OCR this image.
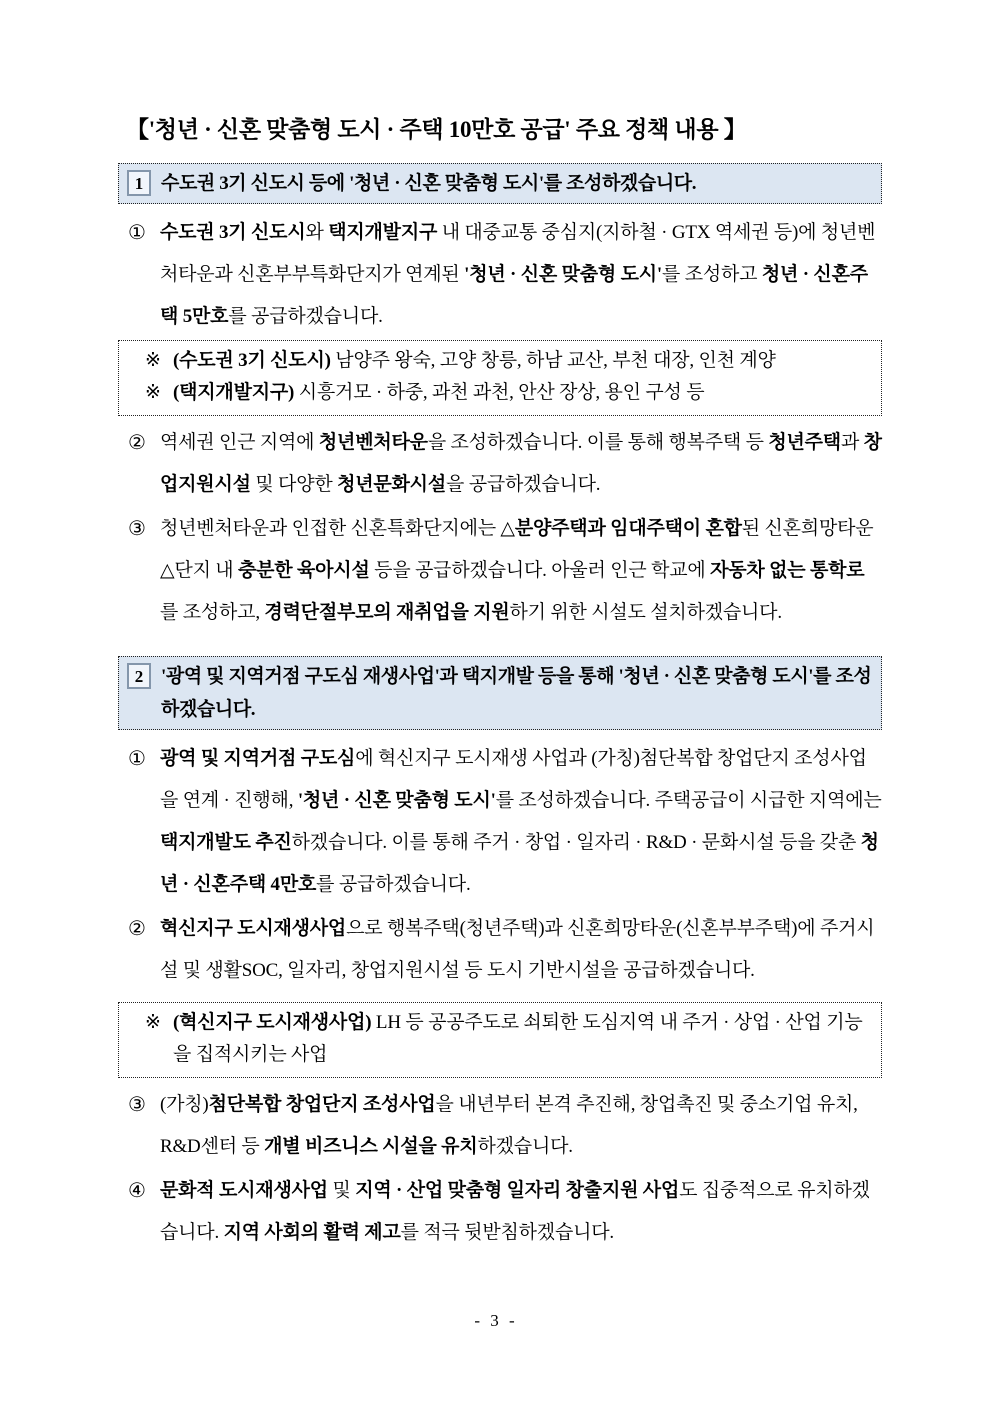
【'청년 · 신혼 맞춤형 도시 · 주택 10만호 공급' 주요 정책 내용 】
1 수도권 3기 신도시 등에 '청년 · 신혼 맞춤형 도시'를 조성하겠습니다.
① 수도권 3기 신도시와 택지개발지구 내 대중교통 중심지(지하철 · GTX 역세권 등)에 청년벤처타운과 신혼부부특화단지가 연계된 '청년 · 신혼 맞춤형 도시'를 조성하고 청년 · 신혼주택 5만호를 공급하겠습니다.
※ (수도권 3기 신도시) 남양주 왕숙, 고양 창릉, 하남 교산, 부천 대장, 인천 계양
※ (택지개발지구) 시흥거모 · 하중, 과천 과천, 안산 장상, 용인 구성 등
② 역세권 인근 지역에 청년벤처타운을 조성하겠습니다. 이를 통해 행복주택 등 청년주택과 창업지원시설 및 다양한 청년문화시설을 공급하겠습니다.
③ 청년벤처타운과 인접한 신혼특화단지에는 △분양주택과 임대주택이 혼합된 신혼희망타운 △단지 내 충분한 육아시설 등을 공급하겠습니다. 아울러 인근 학교에 자동차 없는 통학로를 조성하고, 경력단절부모의 재취업을 지원하기 위한 시설도 설치하겠습니다.
2 '광역 및 지역거점 구도심 재생사업'과 택지개발 등을 통해 '청년 · 신혼 맞춤형 도시'를 조성하겠습니다.
① 광역 및 지역거점 구도심에 혁신지구 도시재생 사업과 (가칭)첨단복합 창업단지 조성사업을 연계 · 진행해, '청년 · 신혼 맞춤형 도시'를 조성하겠습니다. 주택공급이 시급한 지역에는 택지개발도 추진하겠습니다. 이를 통해 주거 · 창업 · 일자리 · R&D · 문화시설 등을 갖춘 청년 · 신혼주택 4만호를 공급하겠습니다.
② 혁신지구 도시재생사업으로 행복주택(청년주택)과 신혼희망타운(신혼부부주택)에 주거시설 및 생활SOC, 일자리, 창업지원시설 등 도시 기반시설을 공급하겠습니다.
※ (혁신지구 도시재생사업) LH 등 공공주도로 쇠퇴한 도심지역 내 주거 · 상업 · 산업 기능을 집적시키는 사업
③ (가칭)첨단복합 창업단지 조성사업을 내년부터 본격 추진해, 창업촉진 및 중소기업 유치, R&D센터 등 개별 비즈니스 시설을 유치하겠습니다.
④ 문화적 도시재생사업 및 지역 · 산업 맞춤형 일자리 창출지원 사업도 집중적으로 유치하겠습니다. 지역 사회의 활력 제고를 적극 뒷받침하겠습니다.
- 3 -
